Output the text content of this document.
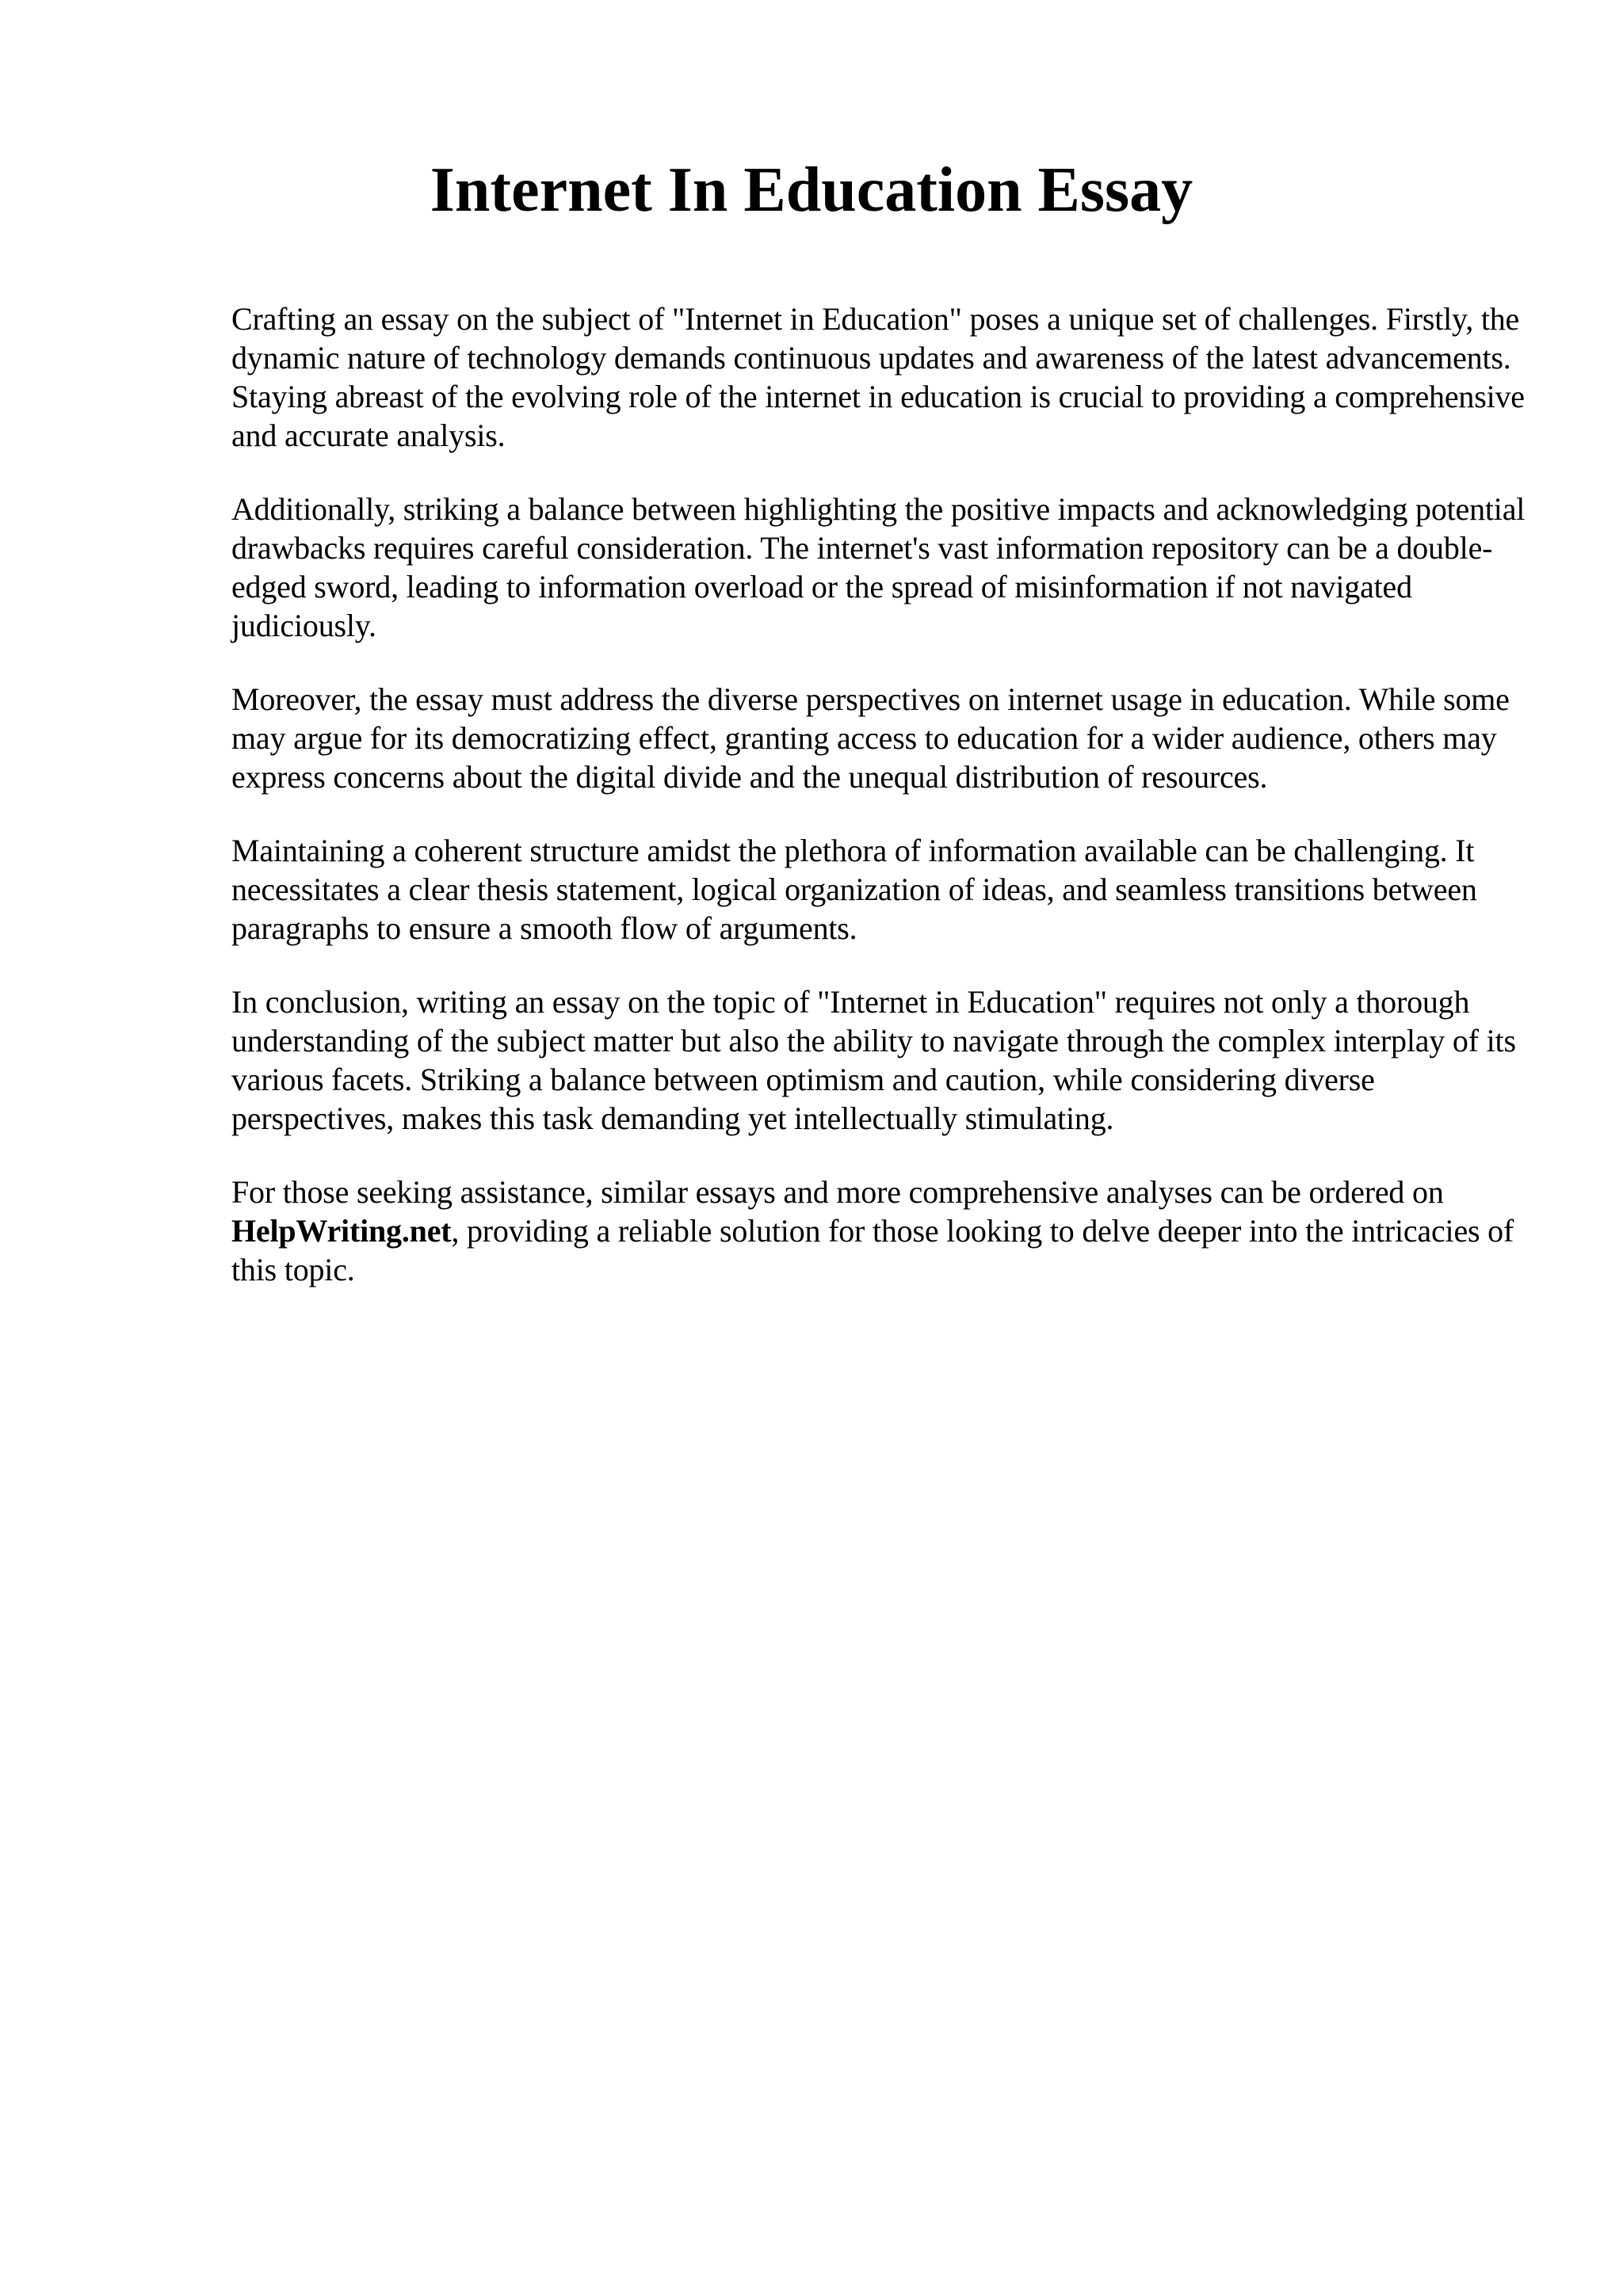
Internet In Education Essay

Crafting an essay on the subject of "Internet in Education" poses a unique set of challenges. Firstly, the dynamic nature of technology demands continuous updates and awareness of the latest advancements. Staying abreast of the evolving role of the internet in education is crucial to providing a comprehensive and accurate analysis.

Additionally, striking a balance between highlighting the positive impacts and acknowledging potential drawbacks requires careful consideration. The internet's vast information repository can be a double-edged sword, leading to information overload or the spread of misinformation if not navigated judiciously.

Moreover, the essay must address the diverse perspectives on internet usage in education. While some may argue for its democratizing effect, granting access to education for a wider audience, others may express concerns about the digital divide and the unequal distribution of resources.

Maintaining a coherent structure amidst the plethora of information available can be challenging. It necessitates a clear thesis statement, logical organization of ideas, and seamless transitions between paragraphs to ensure a smooth flow of arguments.

In conclusion, writing an essay on the topic of "Internet in Education" requires not only a thorough understanding of the subject matter but also the ability to navigate through the complex interplay of its various facets. Striking a balance between optimism and caution, while considering diverse perspectives, makes this task demanding yet intellectually stimulating.

For those seeking assistance, similar essays and more comprehensive analyses can be ordered on HelpWriting.net, providing a reliable solution for those looking to delve deeper into the intricacies of this topic.
